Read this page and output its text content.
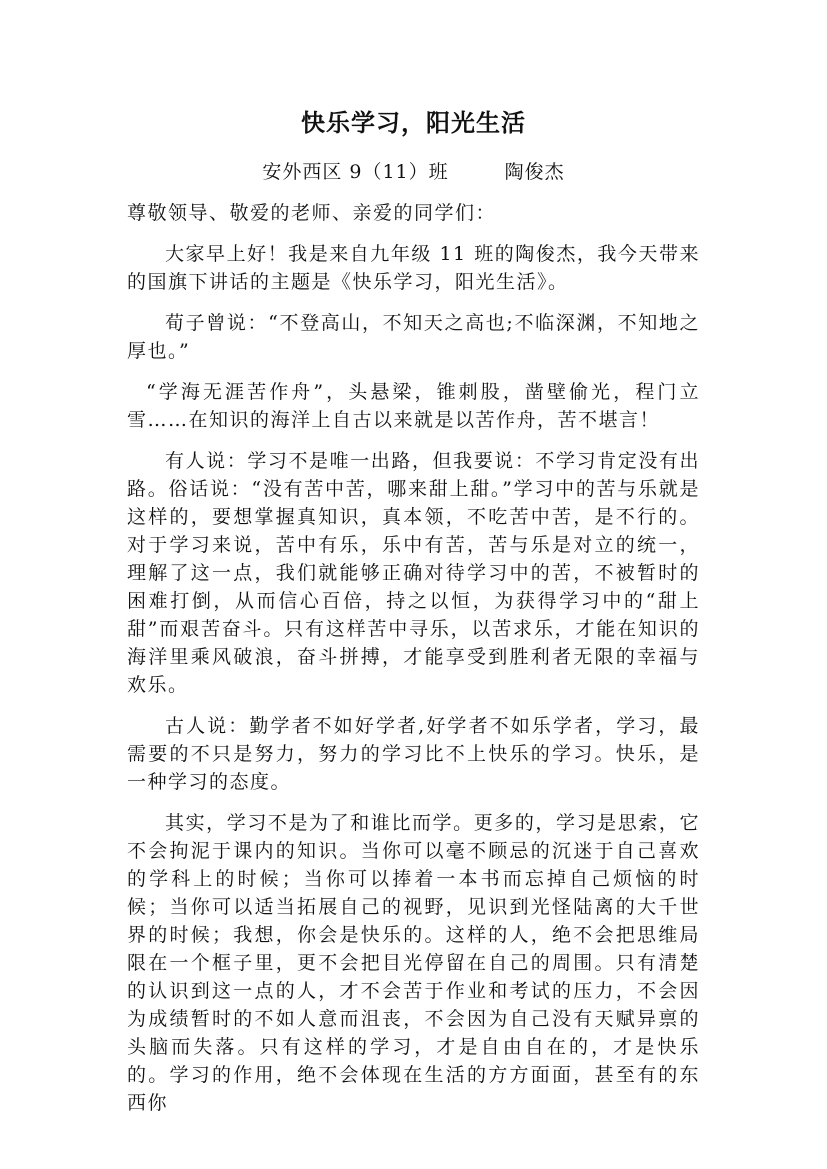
快乐学习，阳光生活
安外西区 9（11）班	陶俊杰

尊敬领导、敬爱的老师、亲爱的同学们：

大家早上好！我是来自九年级 11 班的陶俊杰，我今天带来的国旗下讲话的主题是《快乐学习，阳光生活》。

荀子曾说：“不登高山，不知天之高也;不临深渊，不知地之厚也。”

“学海无涯苦作舟”，头悬梁，锥刺股，凿壁偷光，程门立雪……在知识的海洋上自古以来就是以苦作舟，苦不堪言！

有人说：学习不是唯一出路，但我要说：不学习肯定没有出路。俗话说：“没有苦中苦，哪来甜上甜。”学习中的苦与乐就是这样的，要想掌握真知识，真本领，不吃苦中苦，是不行的。对于学习来说，苦中有乐，乐中有苦，苦与乐是对立的统一，理解了这一点，我们就能够正确对待学习中的苦，不被暂时的困难打倒，从而信心百倍，持之以恒，为获得学习中的“甜上甜”而艰苦奋斗。只有这样苦中寻乐，以苦求乐，才能在知识的海洋里乘风破浪，奋斗拼搏，才能享受到胜利者无限的幸福与欢乐。

古人说：勤学者不如好学者,好学者不如乐学者，学习，最需要的不只是努力，努力的学习比不上快乐的学习。快乐，是一种学习的态度。

其实，学习不是为了和谁比而学。更多的，学习是思索，它不会拘泥于课内的知识。当你可以毫不顾忌的沉迷于自己喜欢的学科上的时候；当你可以捧着一本书而忘掉自己烦恼的时候；当你可以适当拓展自己的视野，见识到光怪陆离的大千世界的时候；我想，你会是快乐的。这样的人，绝不会把思维局限在一个框子里，更不会把目光停留在自己的周围。只有清楚的认识到这一点的人，才不会苦于作业和考试的压力，不会因为成绩暂时的不如人意而沮丧，不会因为自己没有天赋异禀的头脑而失落。只有这样的学习，才是自由自在的，才是快乐的。学习的作用，绝不会体现在生活的方方面面，甚至有的东西你
